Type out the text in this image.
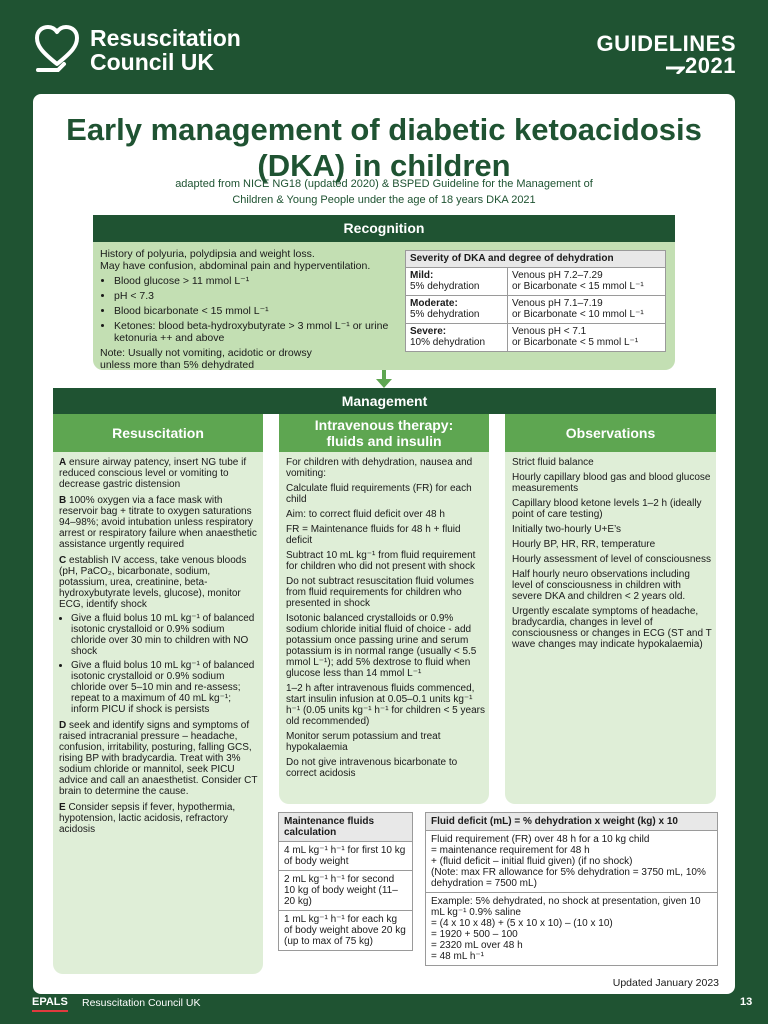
Resuscitation
Council UK
GUIDELINES
2021
Early management of diabetic ketoacidosis
(DKA) in children
adapted from NICE NG18 (updated 2020) & BSPED Guideline for the Management of
Children & Young People under the age of 18 years DKA 2021
Recognition

History of polyuria, polydipsia and weight loss.

May have confusion, abdominal pain and hyperventilation.

• Blood glucose > 11 mmol L⁻¹
• pH < 7.3
• Blood bicarbonate < 15 mmol L⁻¹
• Ketones: blood beta-hydroxybutyrate > 3 mmol L⁻¹ or urine ketonuria ++ and above

Note: Usually not vomiting, acidotic or drowsy

unless more than 5% dehydrated

Severity of DKA and degree of dehydration	
Mild:
5% dehydration	Venous pH 7.2–7.29
or Bicarbonate < 15 mmol L⁻¹
Moderate:
5% dehydration	Venous pH 7.1–7.19
or Bicarbonate < 10 mmol L⁻¹
Severe:
10% dehydration	Venous pH < 7.1
or Bicarbonate < 5 mmol L⁻¹
Management
Resuscitation	Intravenous therapy:
fluids and insulin	Observations

A ensure airway patency, insert NG tube if reduced conscious level or vomiting to decrease gastric distension

B 100% oxygen via a face mask with reservoir bag + titrate to oxygen saturations 94–98%; avoid intubation unless respiratory arrest or respiratory failure when anaesthetic assistance urgently required

C establish IV access, take venous bloods (pH, PaCO₂, bicarbonate, sodium, potassium, urea, creatinine, beta-hydroxybutyrate levels, glucose), monitor ECG, identify shock

• Give a fluid bolus 10 mL kg⁻¹ of balanced isotonic crystalloid or 0.9% sodium chloride over 30 min to children with NO shock
• Give a fluid bolus 10 mL kg⁻¹ of balanced isotonic crystalloid or 0.9% sodium chloride over 5–10 min and re-assess; repeat to a maximum of 40 mL kg⁻¹; inform PICU if shock is persists

D seek and identify signs and symptoms of raised intracranial pressure – headache, confusion, irritability, posturing, falling GCS, rising BP with bradycardia. Treat with 3% sodium chloride or mannitol, seek PICU advice and call an anaesthetist. Consider CT brain to determine the cause.

E Consider sepsis if fever, hypothermia, hypotension, lactic acidosis, refractory acidosis

For children with dehydration, nausea and vomiting:

Calculate fluid requirements (FR) for each child

Aim: to correct fluid deficit over 48 h

FR = Maintenance fluids for 48 h + fluid deficit

Subtract 10 mL kg⁻¹ from fluid requirement for children who did not present with shock

Do not subtract resuscitation fluid volumes from fluid requirements for children who presented in shock

Isotonic balanced crystalloids or 0.9% sodium chloride initial fluid of choice - add potassium once passing urine and serum potassium is in normal range (usually < 5.5 mmol L⁻¹); add 5% dextrose to fluid when glucose less than 14 mmol L⁻¹

1–2 h after intravenous fluids commenced, start insulin infusion at 0.05–0.1 units kg⁻¹ h⁻¹ (0.05 units kg⁻¹ h⁻¹ for children < 5 years old recommended)

Monitor serum potassium and treat hypokalaemia

Do not give intravenous bicarbonate to correct acidosis

Strict fluid balance

Hourly capillary blood gas and blood glucose measurements

Capillary blood ketone levels 1–2 h (ideally point of care testing)

Initially two-hourly U+E’s

Hourly BP, HR, RR, temperature

Hourly assessment of level of consciousness

Half hourly neuro observations including level of consciousness in children with severe DKA and children < 2 years old.

Urgently escalate symptoms of headache, bradycardia, changes in level of consciousness or changes in ECG (ST and T wave changes may indicate hypokalaemia)

Maintenance fluids calculation
4 mL kg⁻¹ h⁻¹ for first 10 kg of body weight
2 mL kg⁻¹ h⁻¹ for second 10 kg of body weight (11–20 kg)
1 mL kg⁻¹ h⁻¹ for each kg of body weight above 20 kg (up to max of 75 kg)
Fluid deficit (mL) = % dehydration x weight (kg) x 10

Fluid requirement (FR) over 48 h for a 10 kg child
= maintenance requirement for 48 h
+ (fluid deficit – initial fluid given) (if no shock)
(Note: max FR allowance for 5% dehydration = 3750 mL, 10% dehydration = 7500 mL)

Example: 5% dehydrated, no shock at presentation, given 10 mL kg⁻¹ 0.9% saline
= (4 x 10 x 48) + (5 x 10 x 10) – (10 x 10)
= 1920 + 500 – 100
= 2320 mL over 48 h
= 48 mL h⁻¹
Updated January 2023
EPALS Resuscitation Council UK	13
